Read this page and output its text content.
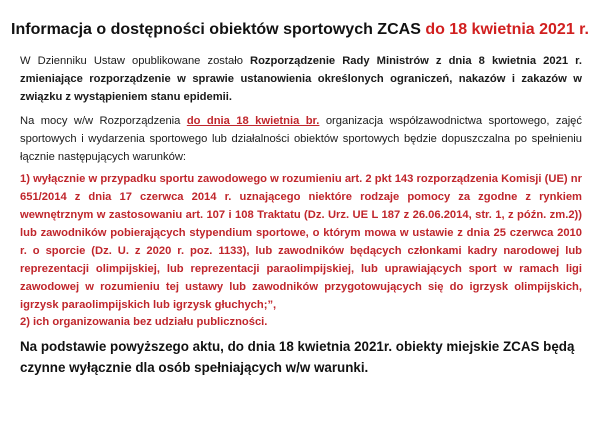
Informacja o dostępności obiektów sportowych ZCAS do 18 kwietnia 2021 r.
W Dzienniku Ustaw opublikowane zostało Rozporządzenie Rady Ministrów z dnia 8 kwietnia 2021 r. zmieniające rozporządzenie w sprawie ustanowienia określonych ograniczeń, nakazów i zakazów w związku z wystąpieniem stanu epidemii.
Na mocy w/w Rozporządzenia do dnia 18 kwietnia br. organizacja współzawodnictwa sportowego, zajęć sportowych i wydarzenia sportowego lub działalności obiektów sportowych będzie dopuszczalna po spełnieniu łącznie następujących warunków:
1) wyłącznie w przypadku sportu zawodowego w rozumieniu art. 2 pkt 143 rozporządzenia Komisji (UE) nr 651/2014 z dnia 17 czerwca 2014 r. uznającego niektóre rodzaje pomocy za zgodne z rynkiem wewnętrznym w zastosowaniu art. 107 i 108 Traktatu (Dz. Urz. UE L 187 z 26.06.2014, str. 1, z późn. zm.2)) lub zawodników pobierających stypendium sportowe, o którym mowa w ustawie z dnia 25 czerwca 2010 r. o sporcie (Dz. U. z 2020 r. poz. 1133), lub zawodników będących członkami kadry narodowej lub reprezentacji olimpijskiej, lub reprezentacji paraolimpijskiej, lub uprawiających sport w ramach ligi zawodowej w rozumieniu tej ustawy lub zawodników przygotowujących się do igrzysk olimpijskich, igrzysk paraolimpijskich lub igrzysk głuchych;”,
2) ich organizowania bez udziału publiczności.
Na podstawie powyższego aktu, do dnia 18 kwietnia 2021r. obiekty miejskie ZCAS będą czynne wyłącznie dla osób spełniających w/w warunki.
